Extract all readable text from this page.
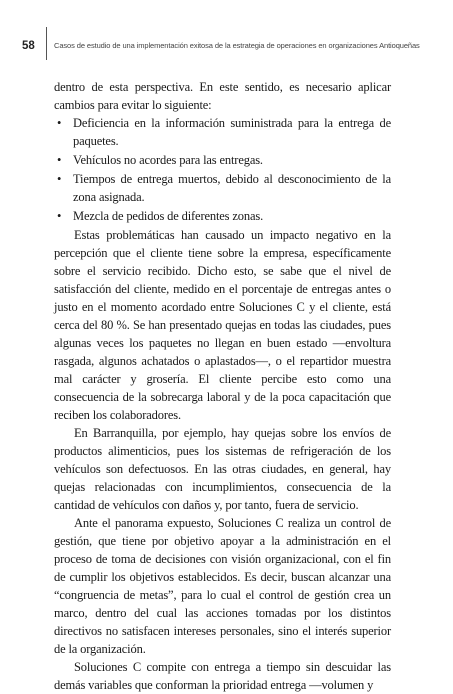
58	Casos de estudio de una implementación exitosa de la estrategia de operaciones en organizaciones Antioqueñas

dentro de esta perspectiva. En este sentido, es necesario aplicar cambios para evitar lo siguiente:

• Deficiencia en la información suministrada para la entrega de paquetes.
• Vehículos no acordes para las entregas.
• Tiempos de entrega muertos, debido al desconocimiento de la zona asignada.
• Mezcla de pedidos de diferentes zonas.

Estas problemáticas han causado un impacto negativo en la percepción que el cliente tiene sobre la empresa, específicamente sobre el servicio recibido. Dicho esto, se sabe que el nivel de satisfacción del cliente, medido en el porcentaje de entregas antes o justo en el momento acordado entre Soluciones C y el cliente, está cerca del 80 %. Se han presentado quejas en todas las ciudades, pues algunas veces los paquetes no llegan en buen estado —envoltura rasgada, algunos achatados o aplastados—, o el repartidor muestra mal carácter y grosería. El cliente percibe esto como una consecuencia de la sobrecarga laboral y de la poca capacitación que reciben los colaboradores.

En Barranquilla, por ejemplo, hay quejas sobre los envíos de productos alimenticios, pues los sistemas de refrigeración de los vehículos son defectuosos. En las otras ciudades, en general, hay quejas relacionadas con incumplimientos, consecuencia de la cantidad de vehículos con daños y, por tanto, fuera de servicio.

Ante el panorama expuesto, Soluciones C realiza un control de gestión, que tiene por objetivo apoyar a la administración en el proceso de toma de decisiones con visión organizacional, con el fin de cumplir los objetivos establecidos. Es decir, buscan alcanzar una “congruencia de metas”, para lo cual el control de gestión crea un marco, dentro del cual las acciones tomadas por los distintos directivos no satisfacen intereses personales, sino el interés superior de la organización.

Soluciones C compite con entrega a tiempo sin descuidar las demás variables que conforman la prioridad entrega —volumen y
